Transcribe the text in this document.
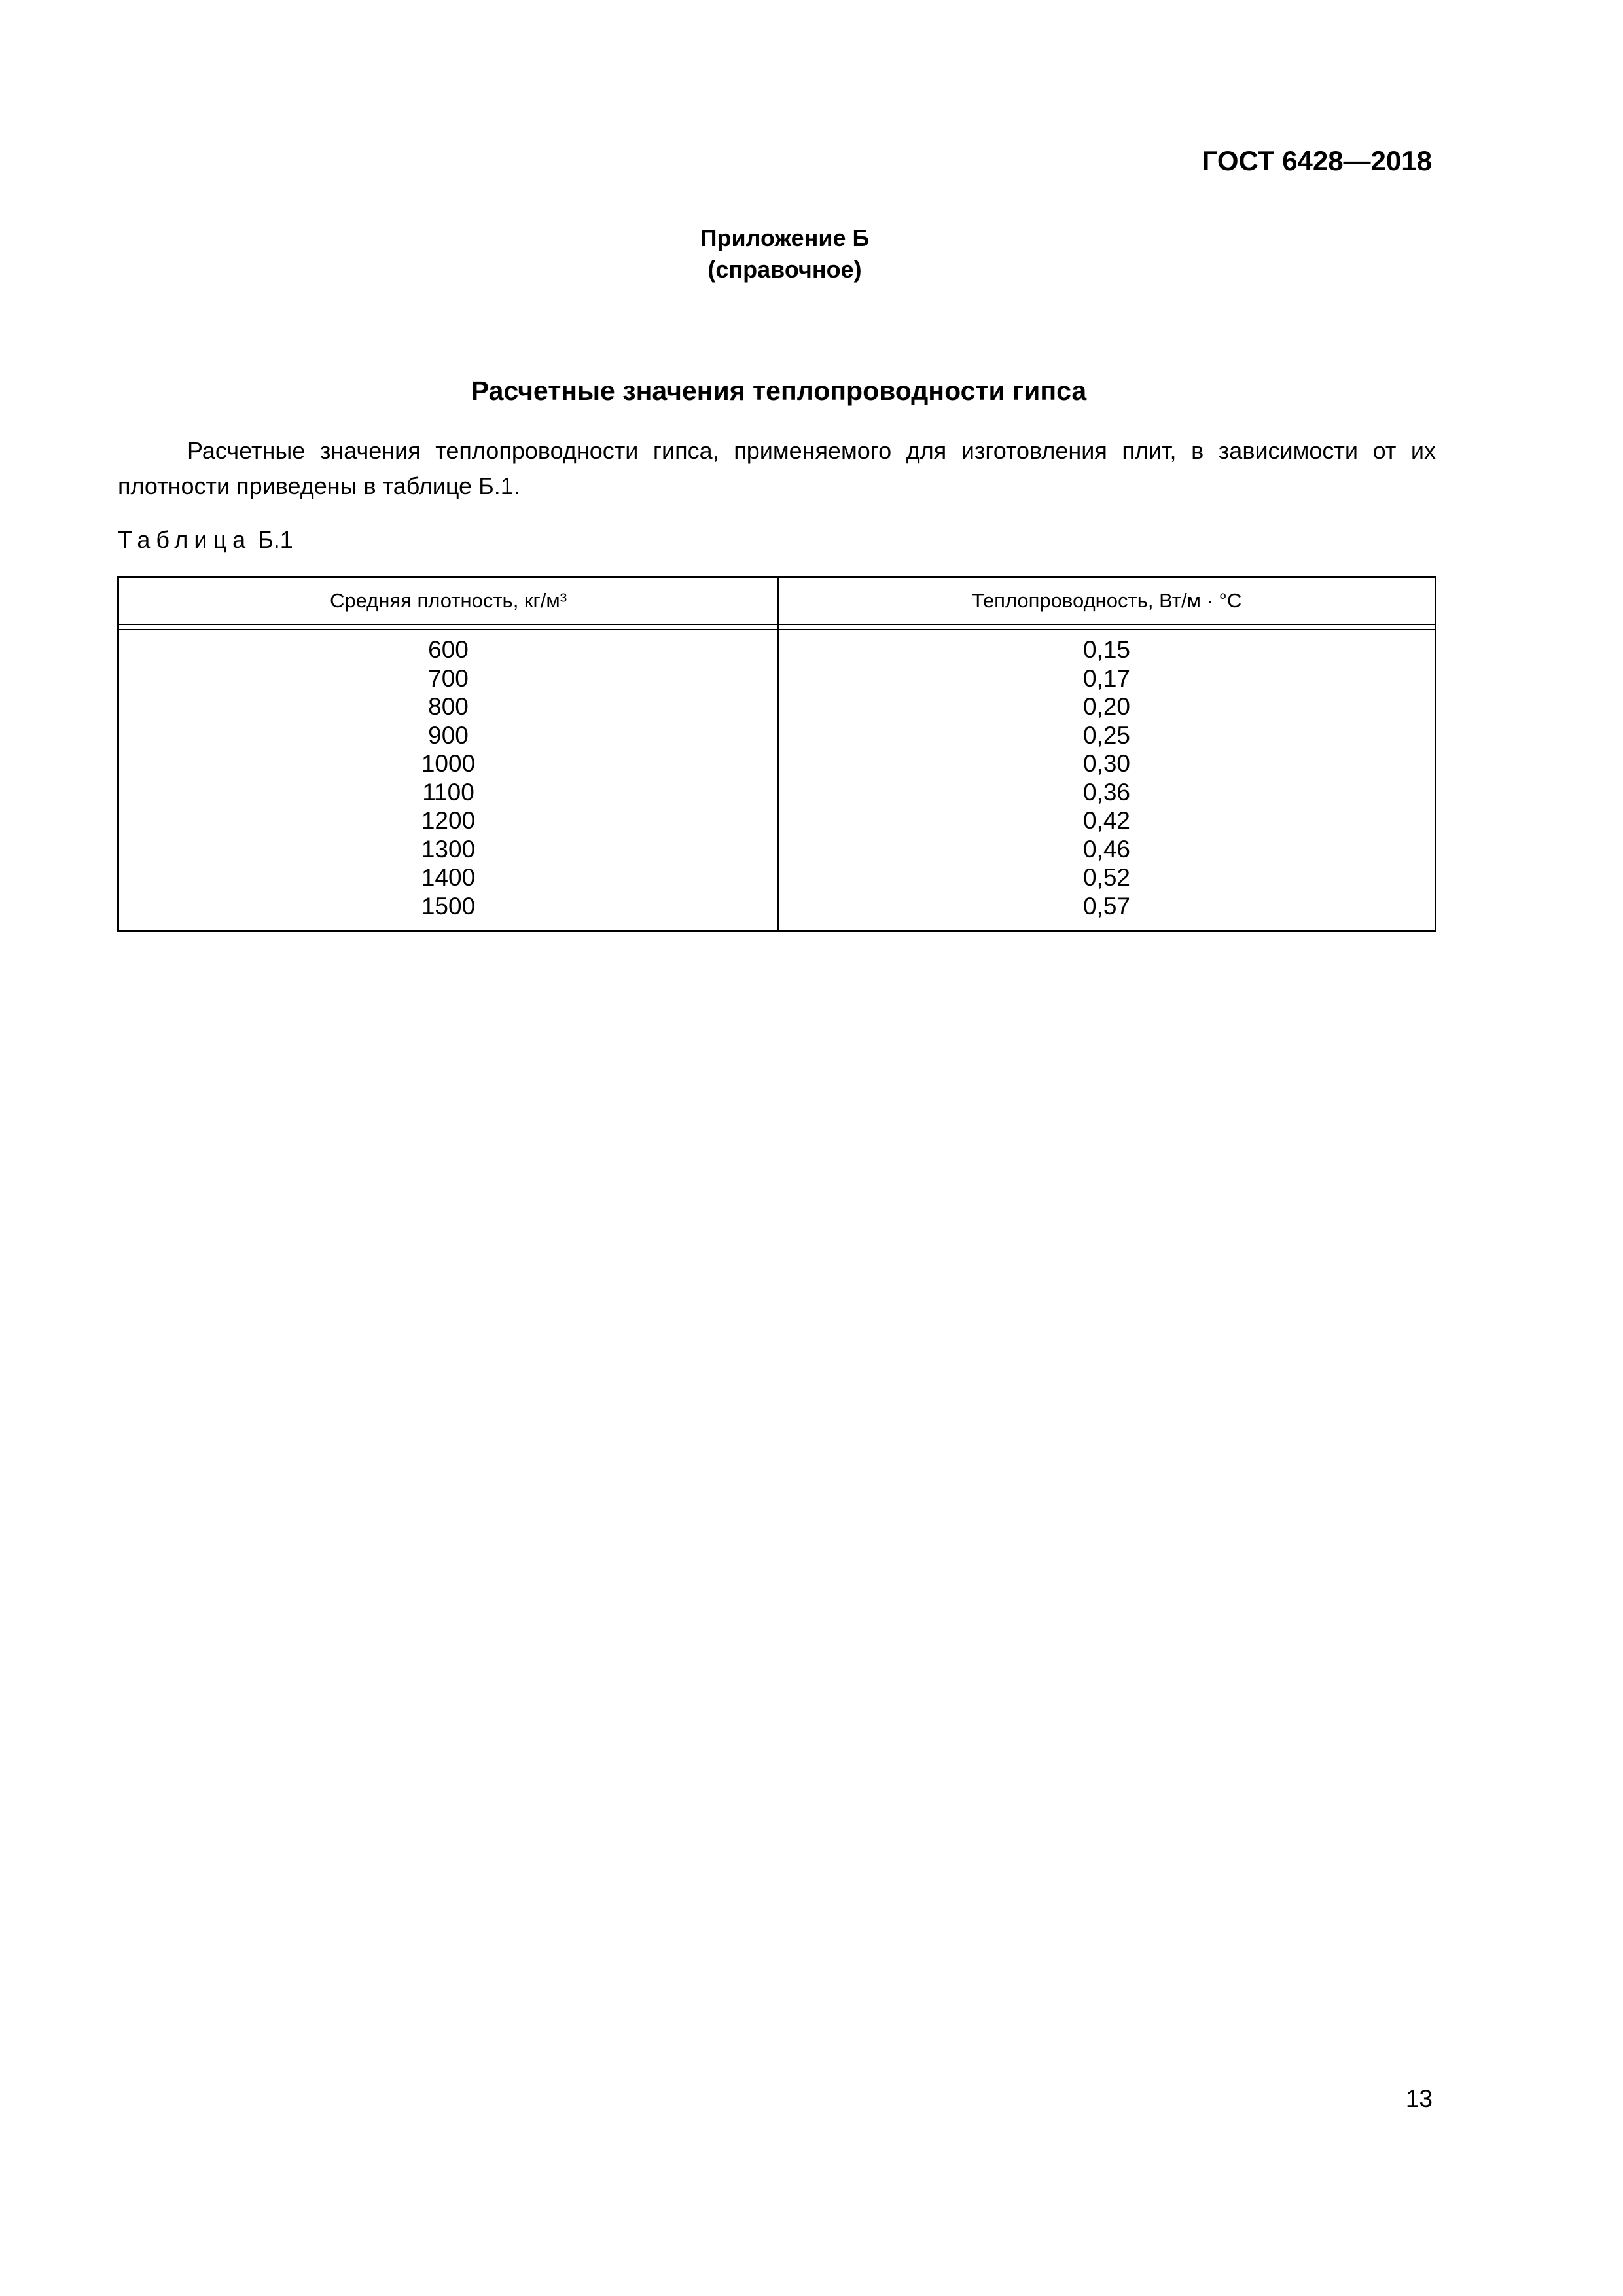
ГОСТ 6428—2018
Приложение Б
(справочное)
Расчетные значения теплопроводности гипса
Расчетные значения теплопроводности гипса, применяемого для изготовления плит, в зависимости от их плотности приведены в таблице Б.1.
Таблица Б.1
Средняя плотность, кг/м³	Теплопроводность, Вт/м · °С
600
700
800
900
1000
1100
1200
1300
1400
1500
0,15
0,17
0,20
0,25
0,30
0,36
0,42
0,46
0,52
0,57
13
